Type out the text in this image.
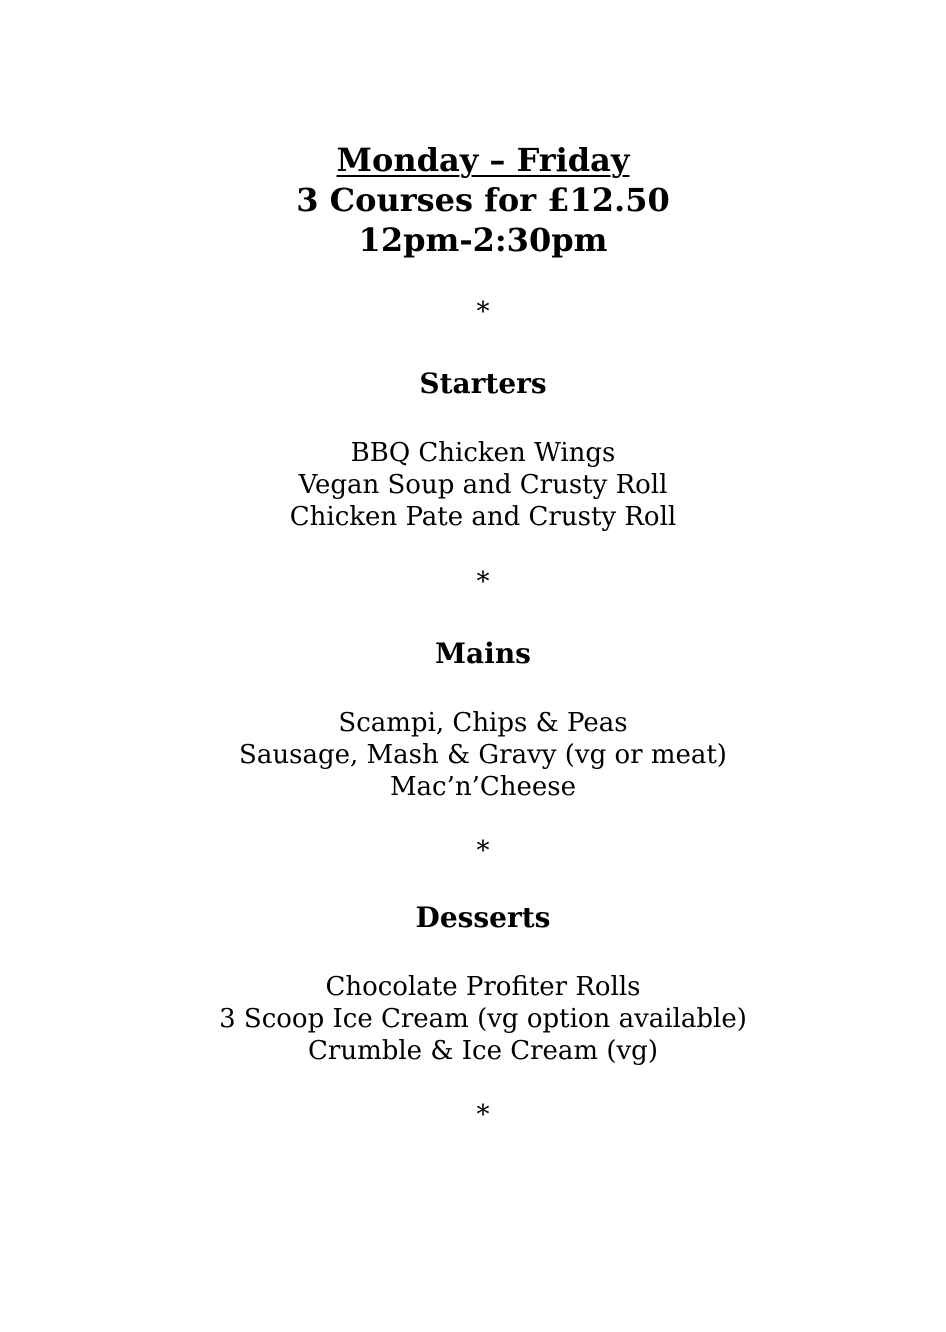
Monday – Friday
3 Courses for £12.50
12pm-2:30pm
*
Starters
BBQ Chicken Wings
Vegan Soup and Crusty Roll
Chicken Pate and Crusty Roll
*
Mains
Scampi, Chips & Peas
Sausage, Mash & Gravy (vg or meat)
Mac’n’Cheese
*
Desserts
Chocolate Profiter Rolls
3 Scoop Ice Cream (vg option available)
Crumble & Ice Cream (vg)
*
